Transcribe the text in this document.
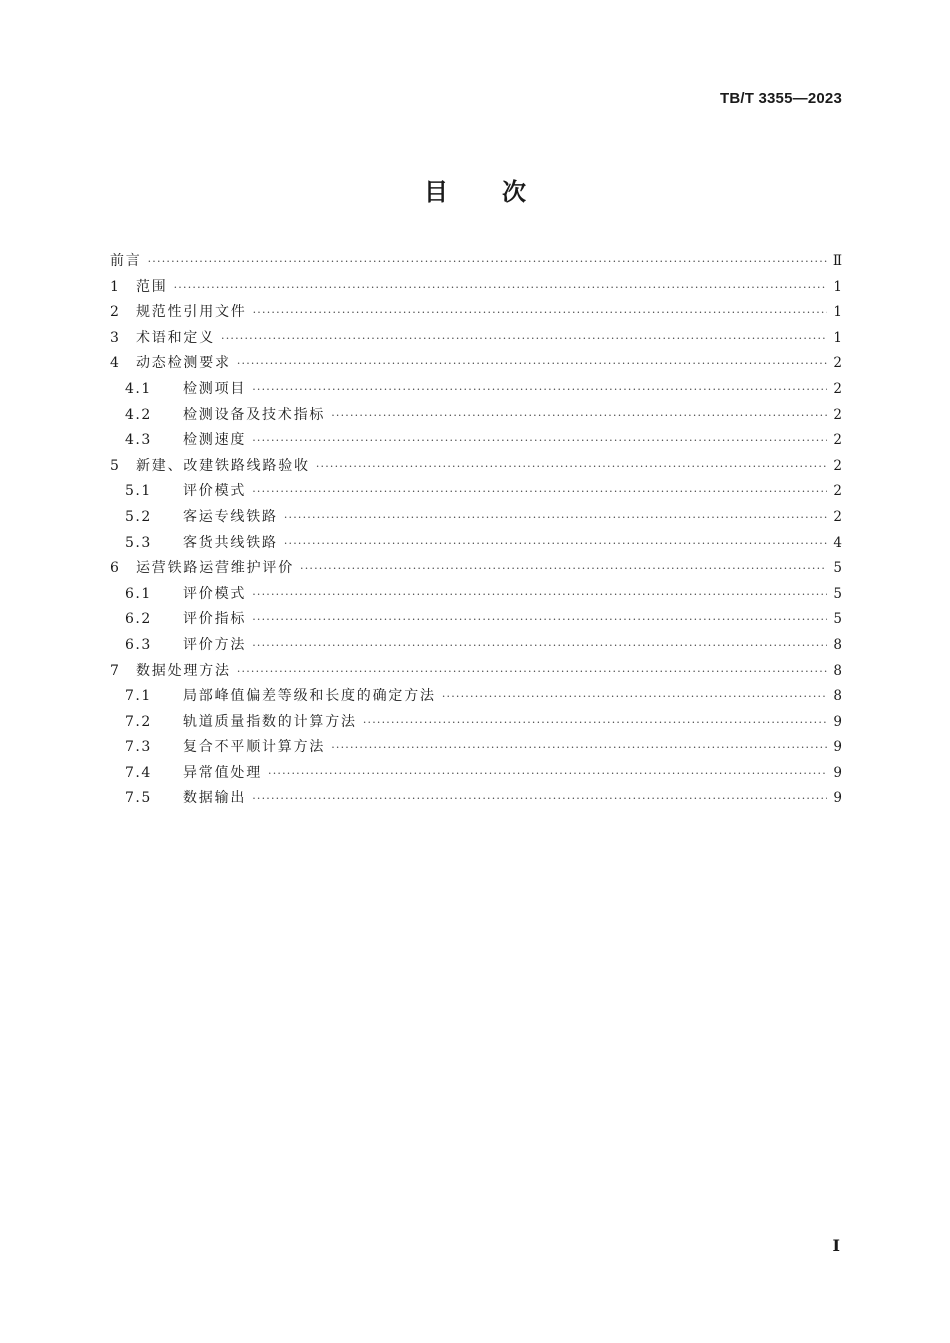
TB/T 3355—2023
目次
前言 ·····	Ⅱ
1	范围 ·····	1
2	规范性引用文件 ·····	1
3	术语和定义 ·····	1
4	动态检测要求 ·····	2
4.1	检测项目 ·····	2
4.2	检测设备及技术指标 ·····	2
4.3	检测速度 ·····	2
5	新建、改建铁路线路验收 ·····	2
5.1	评价模式 ·····	2
5.2	客运专线铁路 ·····	2
5.3	客货共线铁路 ·····	4
6	运营铁路运营维护评价 ·····	5
6.1	评价模式 ·····	5
6.2	评价指标 ·····	5
6.3	评价方法 ·····	8
7	数据处理方法 ·····	8
7.1	局部峰值偏差等级和长度的确定方法 ·····	8
7.2	轨道质量指数的计算方法 ·····	9
7.3	复合不平顺计算方法 ·····	9
7.4	异常值处理 ·····	9
7.5	数据输出 ·····	9
Ⅰ
